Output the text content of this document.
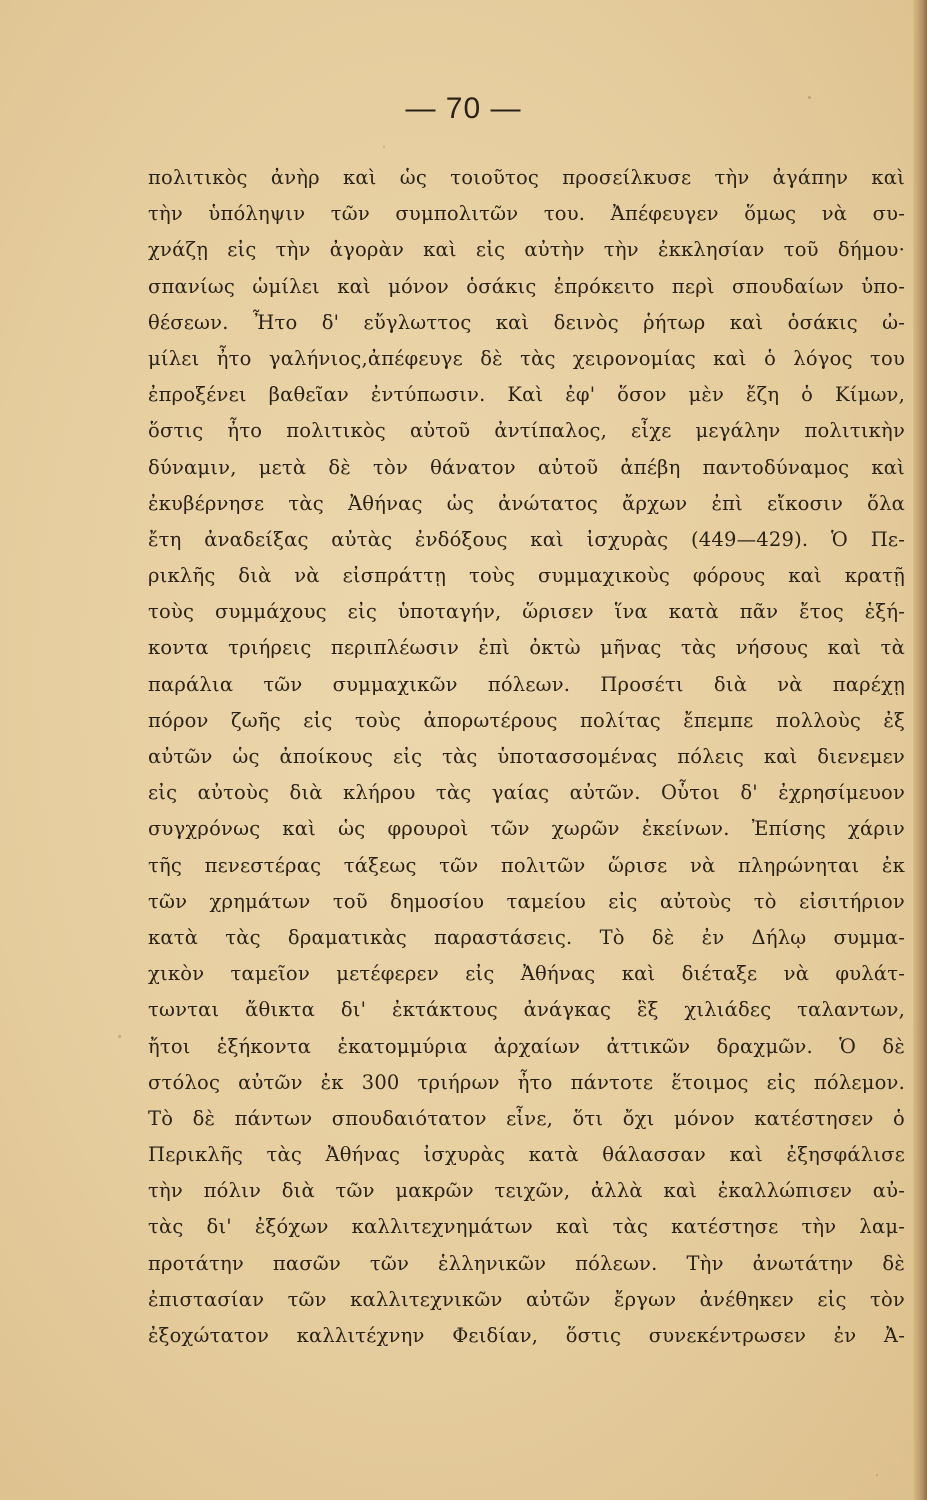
— 70 —
πολιτικὸς ἀνὴρ καὶ ὡς τοιοῦτος προσείλκυσε τὴν ἀγάπην καὶ
τὴν ὑπόληψιν τῶν συμπολιτῶν του. Ἀπέφευγεν ὅμως νὰ συ-
χνάζῃ εἰς τὴν ἀγορὰν καὶ εἰς αὐτὴν τὴν ἐκκλησίαν τοῦ δήμου·
σπανίως ὡμίλει καὶ μόνον ὁσάκις ἐπρόκειτο περὶ σπουδαίων ὑπο-
θέσεων. Ἦτο δ' εὔγλωττος καὶ δεινὸς ῥήτωρ καὶ ὁσάκις ὠ-
μίλει ἦτο γαλήνιος,ἀπέφευγε δὲ τὰς χειρονομίας καὶ ὁ λόγος του
ἐπροξένει βαθεῖαν ἐντύπωσιν. Καὶ ἐφ' ὅσον μὲν ἔζη ὁ Κίμων,
ὅστις ἦτο πολιτικὸς αὐτοῦ ἀντίπαλος, εἶχε μεγάλην πολιτικὴν
δύναμιν, μετὰ δὲ τὸν θάνατον αὐτοῦ ἀπέβη παντοδύναμος καὶ
ἐκυβέρνησε τὰς Ἀθήνας ὡς ἀνώτατος ἄρχων ἐπὶ εἴκοσιν ὅλα
ἔτη ἀναδείξας αὐτὰς ἐνδόξους καὶ ἰσχυρὰς (449—429). Ὁ Πε-
ρικλῆς διὰ νὰ εἰσπράττῃ τοὺς συμμαχικοὺς φόρους καὶ κρατῇ
τοὺς συμμάχους εἰς ὑποταγήν, ὥρισεν ἵνα κατὰ πᾶν ἔτος ἑξή-
κοντα τριήρεις περιπλέωσιν ἐπὶ ὀκτὼ μῆνας τὰς νήσους καὶ τὰ
παράλια τῶν συμμαχικῶν πόλεων. Προσέτι διὰ νὰ παρέχῃ
πόρον ζωῆς εἰς τοὺς ἀπορωτέρους πολίτας ἔπεμπε πολλοὺς ἐξ
αὐτῶν ὡς ἀποίκους εἰς τὰς ὑποτασσομένας πόλεις καὶ διενεμεν
εἰς αὐτοὺς διὰ κλήρου τὰς γαίας αὐτῶν. Οὗτοι δ' ἐχρησίμευον
συγχρόνως καὶ ὡς φρουροὶ τῶν χωρῶν ἐκείνων. Ἐπίσης χάριν
τῆς πενεστέρας τάξεως τῶν πολιτῶν ὥρισε νὰ πληρώνηται ἐκ
τῶν χρημάτων τοῦ δημοσίου ταμείου εἰς αὐτοὺς τὸ εἰσιτήριον
κατὰ τὰς δραματικὰς παραστάσεις. Τὸ δὲ ἐν Δήλῳ συμμα-
χικὸν ταμεῖον μετέφερεν εἰς Ἀθήνας καὶ διέταξε νὰ φυλάτ-
τωνται ἄθικτα δι' ἐκτάκτους ἀνάγκας ἓξ χιλιάδες ταλαντων,
ἤτοι ἑξήκοντα ἑκατομμύρια ἀρχαίων ἀττικῶν δραχμῶν. Ὁ δὲ
στόλος αὐτῶν ἐκ 300 τριήρων ἦτο πάντοτε ἕτοιμος εἰς πόλεμον.
Τὸ δὲ πάντων σπουδαιότατον εἶνε, ὅτι ὄχι μόνον κατέστησεν ὁ
Περικλῆς τὰς Ἀθήνας ἰσχυρὰς κατὰ θάλασσαν καὶ ἐξησφάλισε
τὴν πόλιν διὰ τῶν μακρῶν τειχῶν, ἀλλὰ καὶ ἐκαλλώπισεν αὐ-
τὰς δι' ἐξόχων καλλιτεχνημάτων καὶ τὰς κατέστησε τὴν λαμ-
προτάτην πασῶν τῶν ἑλληνικῶν πόλεων. Τὴν ἀνωτάτην δὲ
ἐπιστασίαν τῶν καλλιτεχνικῶν αὐτῶν ἔργων ἀνέθηκεν εἰς τὸν
ἐξοχώτατον καλλιτέχνην Φειδίαν, ὅστις συνεκέντρωσεν ἐν Ἀ-
